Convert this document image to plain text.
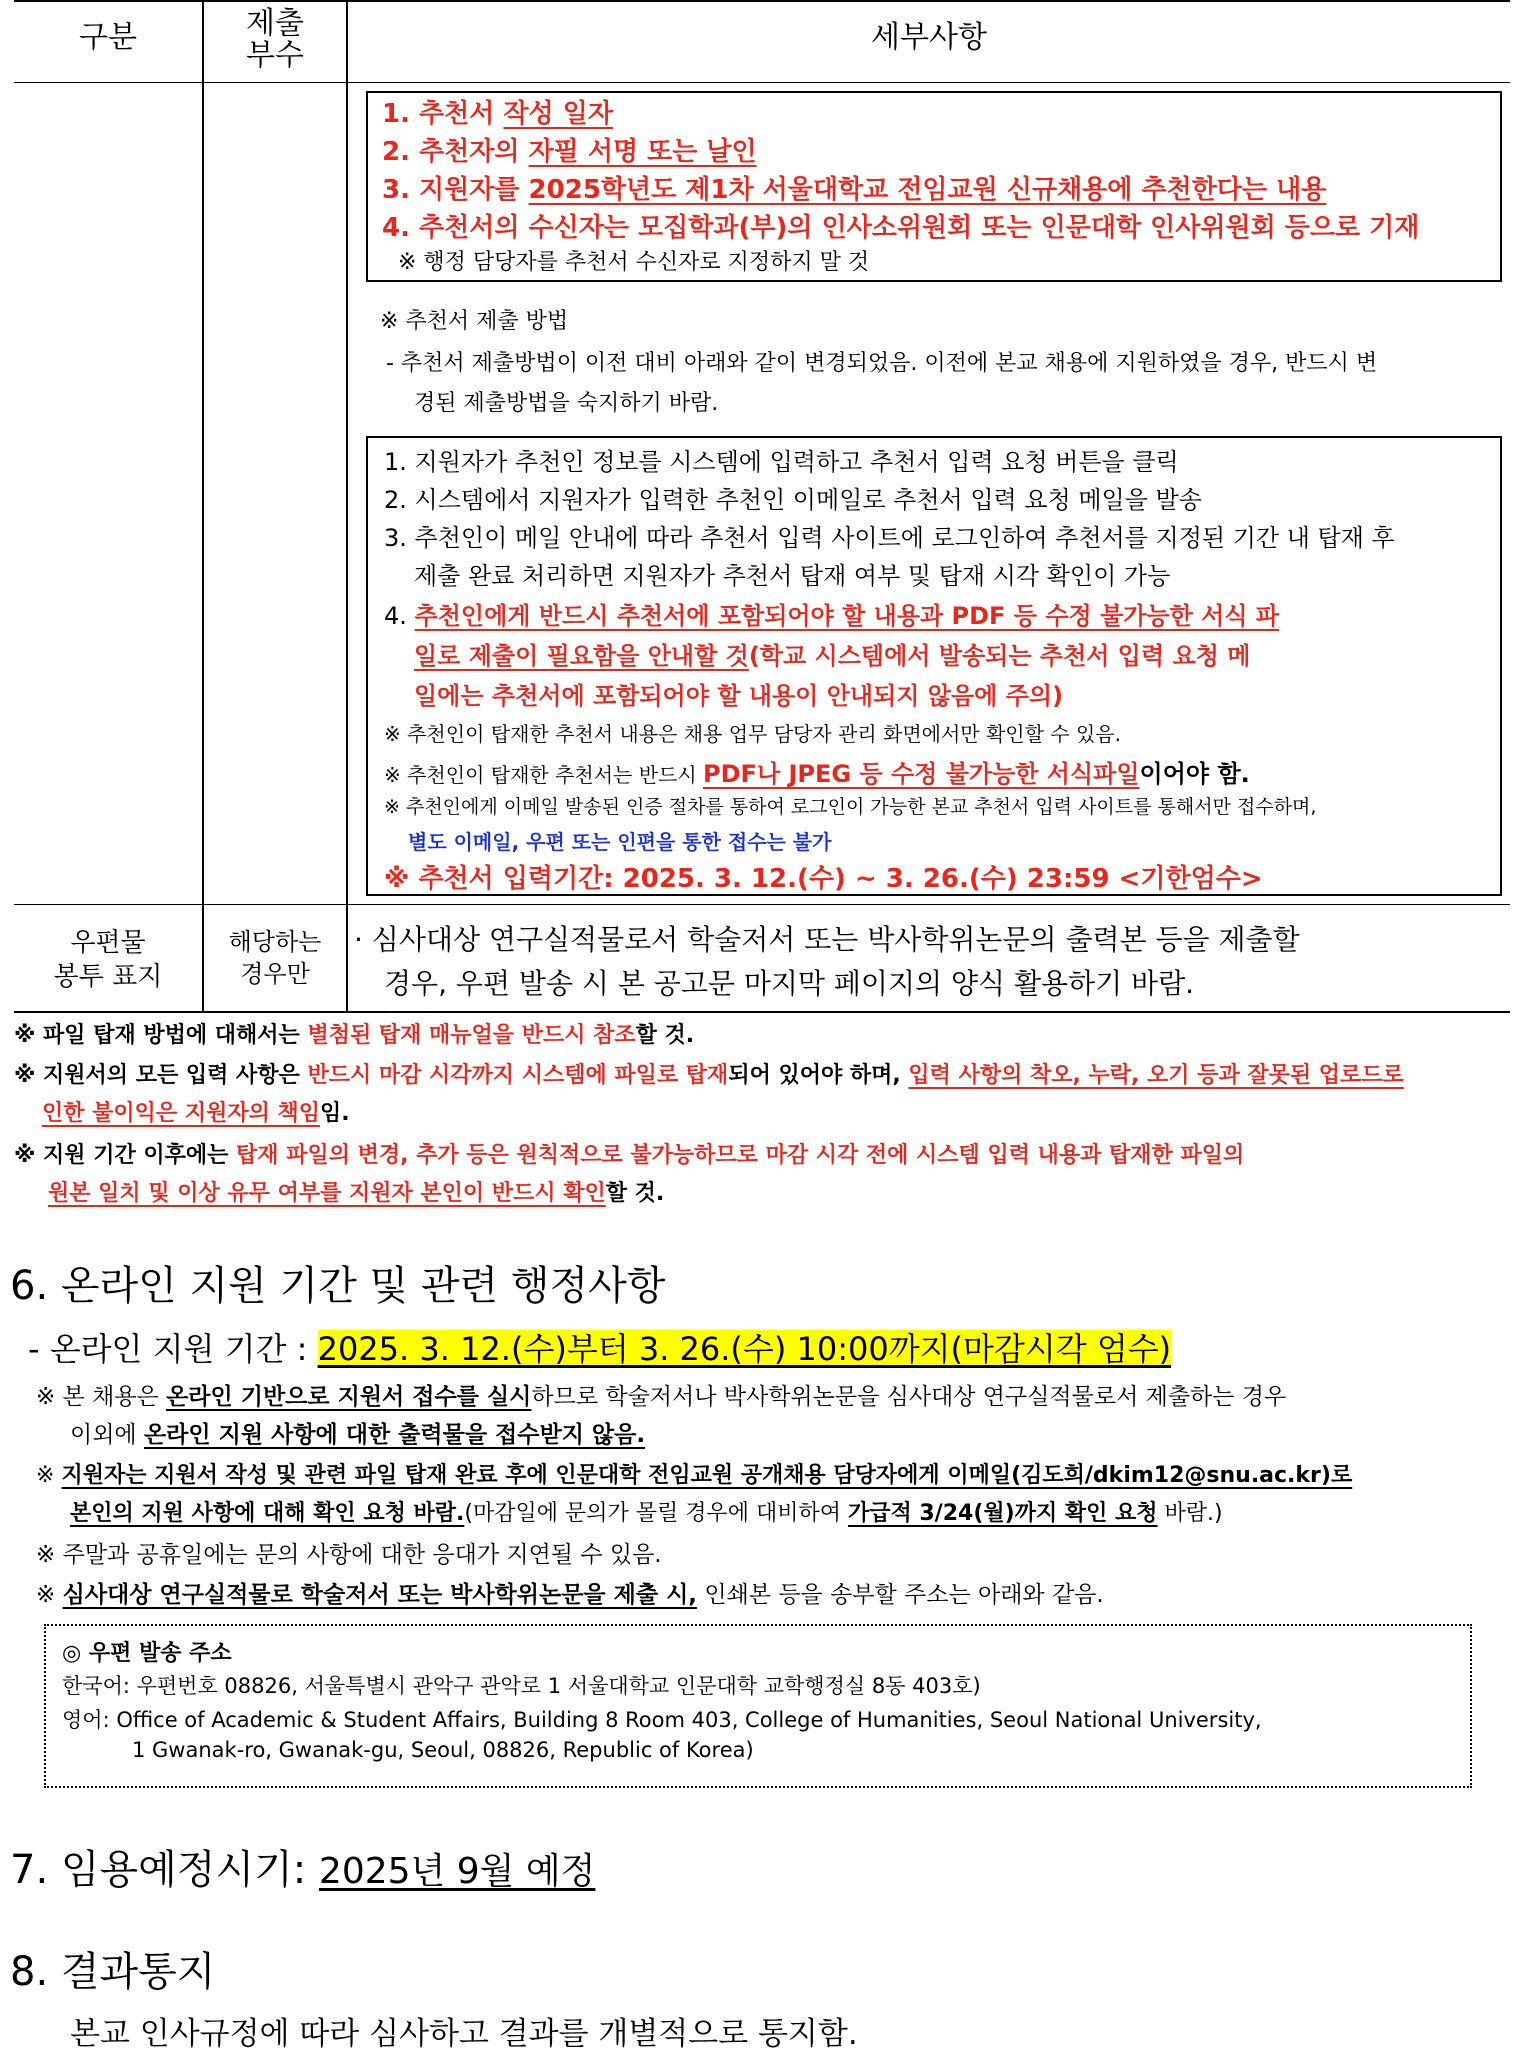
구분	제출
부수
세부사항
1. 추천서 작성 일자
2. 추천자의 자필 서명 또는 날인
3. 지원자를 2025학년도 제1차 서울대학교 전임교원 신규채용에 추천한다는 내용
4. 추천서의 수신자는 모집학과(부)의 인사소위원회 또는 인문대학 인사위원회 등으로 기재
※ 행정 담당자를 추천서 수신자로 지정하지 말 것
※ 추천서 제출 방법
- 추천서 제출방법이 이전 대비 아래와 같이 변경되었음. 이전에 본교 채용에 지원하였을 경우, 반드시 변
경된 제출방법을 숙지하기 바람.
1. 지원자가 추천인 정보를 시스템에 입력하고 추천서 입력 요청 버튼을 클릭
2. 시스템에서 지원자가 입력한 추천인 이메일로 추천서 입력 요청 메일을 발송
3. 추천인이 메일 안내에 따라 추천서 입력 사이트에 로그인하여 추천서를 지정된 기간 내 탑재 후
제출 완료 처리하면 지원자가 추천서 탑재 여부 및 탑재 시각 확인이 가능
4. 추천인에게 반드시 추천서에 포함되어야 할 내용과 PDF 등 수정 불가능한 서식 파
일로 제출이 필요함을 안내할 것(학교 시스템에서 발송되는 추천서 입력 요청 메
일에는 추천서에 포함되어야 할 내용이 안내되지 않음에 주의)
※ 추천인이 탑재한 추천서 내용은 채용 업무 담당자 관리 화면에서만 확인할 수 있음.
※ 추천인이 탑재한 추천서는 반드시 PDF나 JPEG 등 수정 불가능한 서식파일이어야 함.
※ 추천인에게 이메일 발송된 인증 절차를 통하여 로그인이 가능한 본교 추천서 입력 사이트를 통해서만 접수하며,
별도 이메일, 우편 또는 인편을 통한 접수는 불가
※ 추천서 입력기간: 2025. 3. 12.(수) ~ 3. 26.(수) 23:59 <기한엄수>
우편물
봉투 표지
해당하는
경우만
· 심사대상 연구실적물로서 학술저서 또는 박사학위논문의 출력본 등을 제출할
경우, 우편 발송 시 본 공고문 마지막 페이지의 양식 활용하기 바람.
※ 파일 탑재 방법에 대해서는 별첨된 탑재 매뉴얼을 반드시 참조할 것.
※ 지원서의 모든 입력 사항은 반드시 마감 시각까지 시스템에 파일로 탑재되어 있어야 하며, 입력 사항의 착오, 누락, 오기 등과 잘못된 업로드로
인한 불이익은 지원자의 책임임.
※ 지원 기간 이후에는 탑재 파일의 변경, 추가 등은 원칙적으로 불가능하므로 마감 시각 전에 시스템 입력 내용과 탑재한 파일의
원본 일치 및 이상 유무 여부를 지원자 본인이 반드시 확인할 것.
6. 온라인 지원 기간 및 관련 행정사항
- 온라인 지원 기간 : 2025. 3. 12.(수)부터 3. 26.(수) 10:00까지(마감시각 엄수)
※ 본 채용은 온라인 기반으로 지원서 접수를 실시하므로 학술저서나 박사학위논문을 심사대상 연구실적물로서 제출하는 경우
이외에 온라인 지원 사항에 대한 출력물을 접수받지 않음.
※ 지원자는 지원서 작성 및 관련 파일 탑재 완료 후에 인문대학 전임교원 공개채용 담당자에게 이메일(김도희/dkim12@snu.ac.kr)로
본인의 지원 사항에 대해 확인 요청 바람.(마감일에 문의가 몰릴 경우에 대비하여 가급적 3/24(월)까지 확인 요청 바람.)
※ 주말과 공휴일에는 문의 사항에 대한 응대가 지연될 수 있음.
※ 심사대상 연구실적물로 학술저서 또는 박사학위논문을 제출 시, 인쇄본 등을 송부할 주소는 아래와 같음.
◎ 우편 발송 주소
한국어: 우편번호 08826, 서울특별시 관악구 관악로 1 서울대학교 인문대학 교학행정실 8동 403호)
영어: Office of Academic & Student Affairs, Building 8 Room 403, College of Humanities, Seoul National University,
1 Gwanak-ro, Gwanak-gu, Seoul, 08826, Republic of Korea)
7. 임용예정시기: 2025년 9월 예정
8. 결과통지
본교 인사규정에 따라 심사하고 결과를 개별적으로 통지함.
